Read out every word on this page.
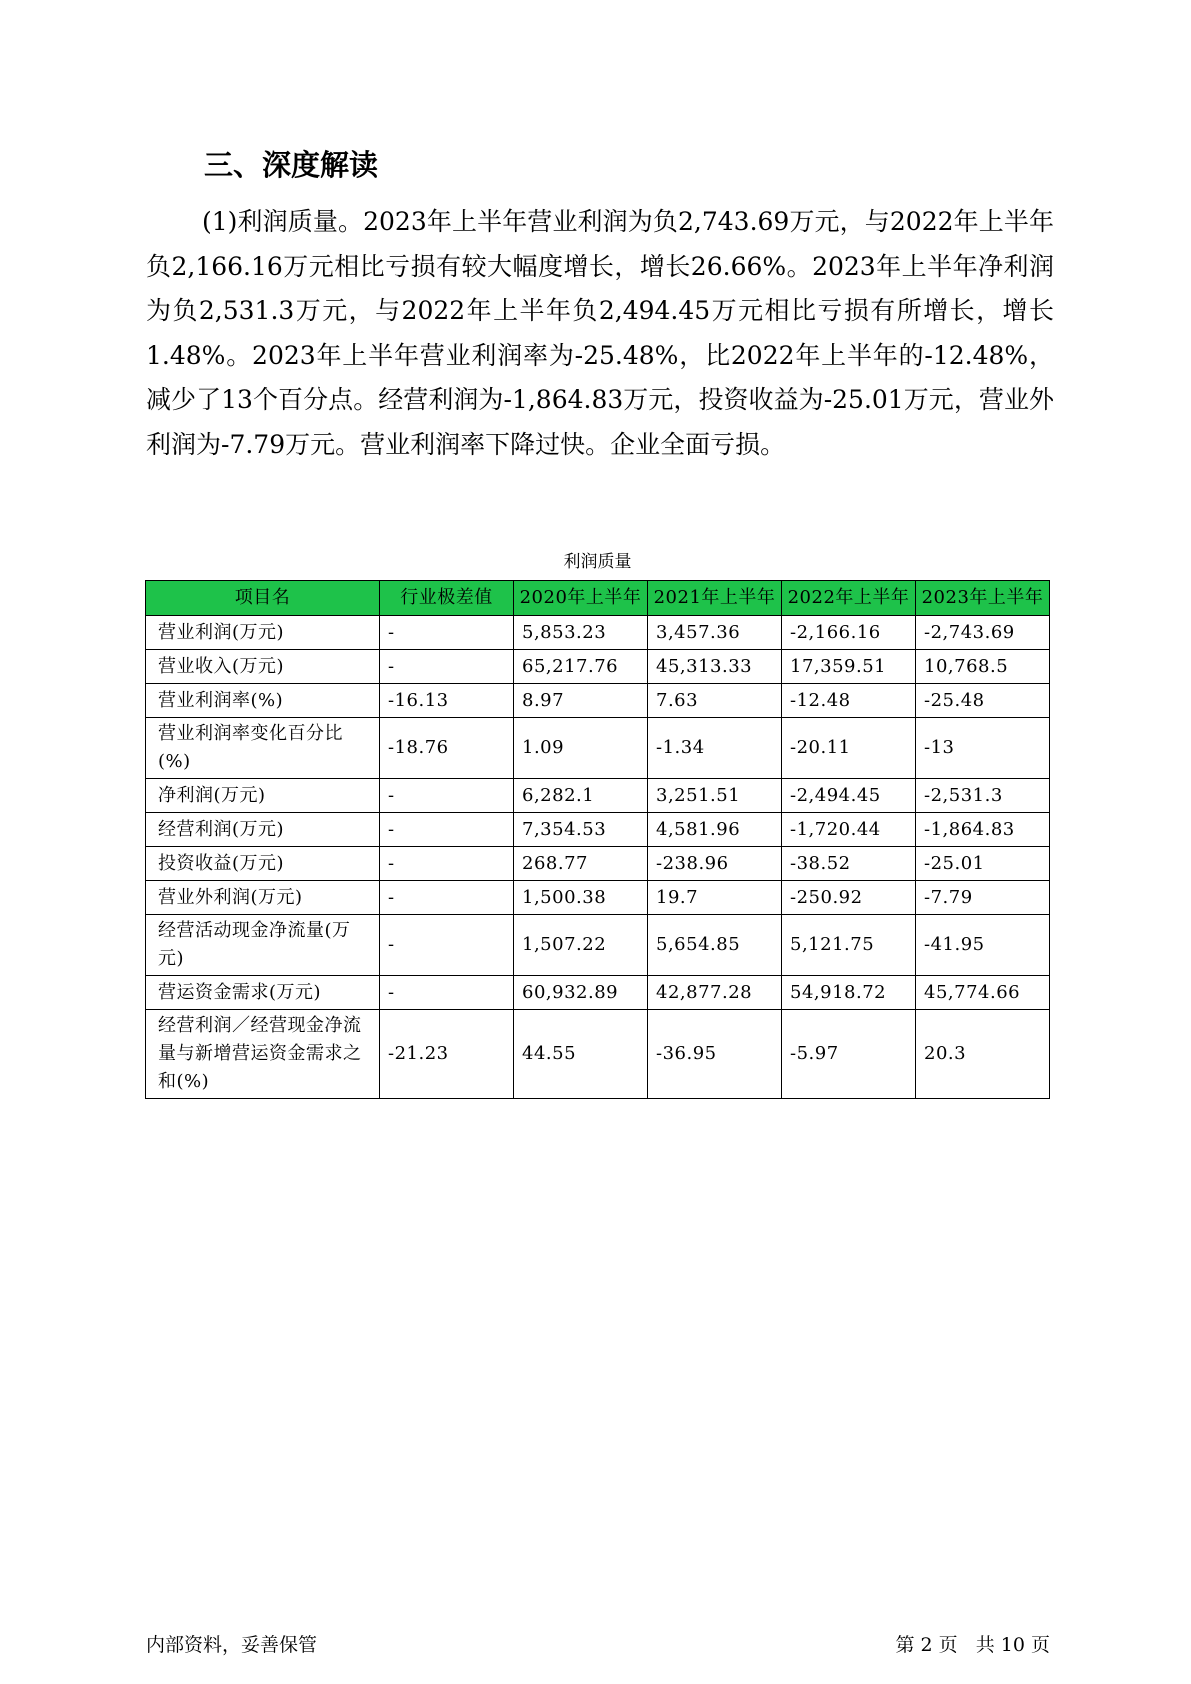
三、深度解读

(1)利润质量。2023年上半年营业利润为负2,743.69万元，与2022年上半年负2,166.16万元相比亏损有较大幅度增长，增长26.66%。2023年上半年净利润为负2,531.3万元，与2022年上半年负2,494.45万元相比亏损有所增长，增长1.48%。2023年上半年营业利润率为-25.48%，比2022年上半年的-12.48%，减少了13个百分点。经营利润为-1,864.83万元，投资收益为-25.01万元，营业外利润为-7.79万元。营业利润率下降过快。企业全面亏损。

利润质量
项目名	行业极差值	2020年上半年	2021年上半年	2022年上半年	2023年上半年
营业利润(万元)	-	5,853.23	3,457.36	-2,166.16	-2,743.69
营业收入(万元)	-	65,217.76	45,313.33	17,359.51	10,768.5
营业利润率(%)	-16.13	8.97	7.63	-12.48	-25.48
营业利润率变化百分比(%)	-18.76	1.09	-1.34	-20.11	-13
净利润(万元)	-	6,282.1	3,251.51	-2,494.45	-2,531.3
经营利润(万元)	-	7,354.53	4,581.96	-1,720.44	-1,864.83
投资收益(万元)	-	268.77	-238.96	-38.52	-25.01
营业外利润(万元)	-	1,500.38	19.7	-250.92	-7.79
经营活动现金净流量(万元)	-	1,507.22	5,654.85	5,121.75	-41.95
营运资金需求(万元)	-	60,932.89	42,877.28	54,918.72	45,774.66
经营利润／经营现金净流量与新增营运资金需求之和(%)	-21.23	44.55	-36.95	-5.97	20.3
内部资料，妥善保管	第 2 页   共 10 页
